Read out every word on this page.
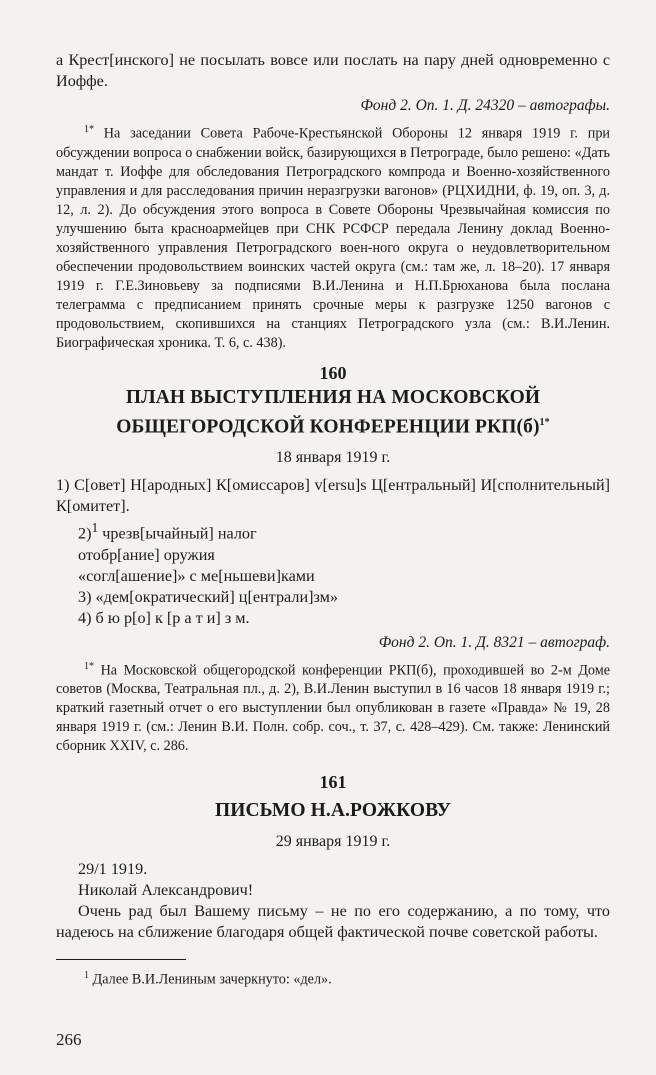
а Крест[инского] не посылать вовсе или послать на пару дней одновременно с Иоффе.

Фонд 2. Оп. 1. Д. 24320 – автографы.

$^{1*}$ На заседании Совета Рабоче-Крестьянской Обороны 12 января 1919 г. при обсуждении вопроса о снабжении войск, базирующихся в Петрограде, было решено: «Дать мандат т. Иоффе для обследования Петроградского компрода и Военно-хозяйственного управления и для расследования причин неразгрузки вагонов» (РЦХИДНИ, ф. 19, оп. 3, д. 12, л. 2). До обсуждения этого вопроса в Совете Обороны Чрезвычайная комиссия по улучшению быта красноармейцев при СНК РСФСР передала Ленину доклад Военно-хозяйственного управления Петроградского воен-ного округа о неудовлетворительном обеспечении продовольствием воинских частей округа (см.: там же, л. 18–20). 17 января 1919 г. Г.Е.Зиновьеву за подписями В.И.Ленина и Н.П.Брюханова была послана телеграмма с предписанием принять срочные меры к разгрузке 1250 вагонов с продовольствием, скопившихся на станциях Петроградского узла (см.: В.И.Ленин. Биографическая хроника. Т. 6, с. 438).

160
ПЛАН ВЫСТУПЛЕНИЯ НА МОСКОВСКОЙ
ОБЩЕГОРОДСКОЙ КОНФЕРЕНЦИИ $РКП(б)^{1*}$
18 января 1919 г.

1) С[овет] Н[ародных] К[омиссаров] v[ersu]s Ц[ентральный] И[сполнительный] К[омитет].

2)$^1$ чрезв[ычайный] налог

отобр[ание] оружия

«согл[ашение]» с ме[ньшеви]ками

3) «дем[ократический] ц[ентрали]зм»

4) б ю р[о] к [р а т и] з м.

Фонд 2. Оп. 1. Д. 8321 – автограф.

$^{1*}$ На Московской общегородской конференции РКП(б), проходившей во 2-м Доме советов (Москва, Театральная пл., д. 2), В.И.Ленин выступил в 16 часов 18 января 1919 г.; краткий газетный отчет о его выступлении был опубликован в газете «Правда» № 19, 28 января 1919 г. (см.: Ленин В.И. Полн. собр. соч., т. 37, с. 428–429). См. также: Ленинский сборник XXIV, с. 286.

161
ПИСЬМО Н.А.РОЖКОВУ
29 января 1919 г.

29/1 1919.

Николай Александрович!

Очень рад был Вашему письму – не по его содержанию, а по тому, что надеюсь на сближение благодаря общей фактической почве советской работы.

$^1$ Далее В.И.Лениным зачеркнуто: «дел».

266
